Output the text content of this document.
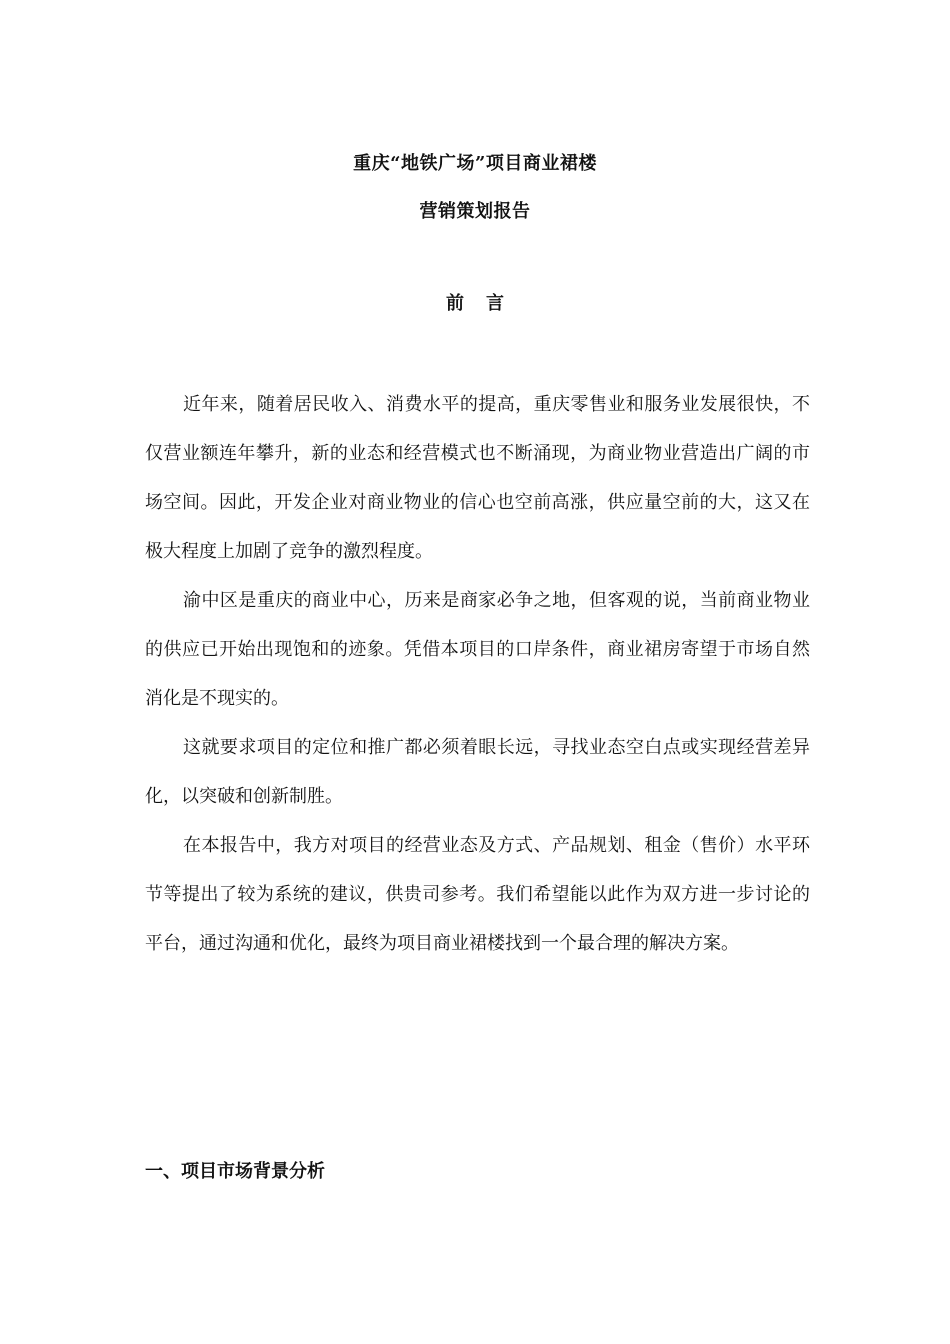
重庆“地铁广场”项目商业裙楼
营销策划报告
前言

近年来，随着居民收入、消费水平的提高，重庆零售业和服务业发展很快，不仅营业额连年攀升，新的业态和经营模式也不断涌现，为商业物业营造出广阔的市场空间。因此，开发企业对商业物业的信心也空前高涨，供应量空前的大，这又在极大程度上加剧了竞争的激烈程度。

渝中区是重庆的商业中心，历来是商家必争之地，但客观的说，当前商业物业的供应已开始出现饱和的迹象。凭借本项目的口岸条件，商业裙房寄望于市场自然消化是不现实的。

这就要求项目的定位和推广都必须着眼长远，寻找业态空白点或实现经营差异化，以突破和创新制胜。

在本报告中，我方对项目的经营业态及方式、产品规划、租金（售价）水平环节等提出了较为系统的建议，供贵司参考。我们希望能以此作为双方进一步讨论的平台，通过沟通和优化，最终为项目商业裙楼找到一个最合理的解决方案。

一、项目市场背景分析
